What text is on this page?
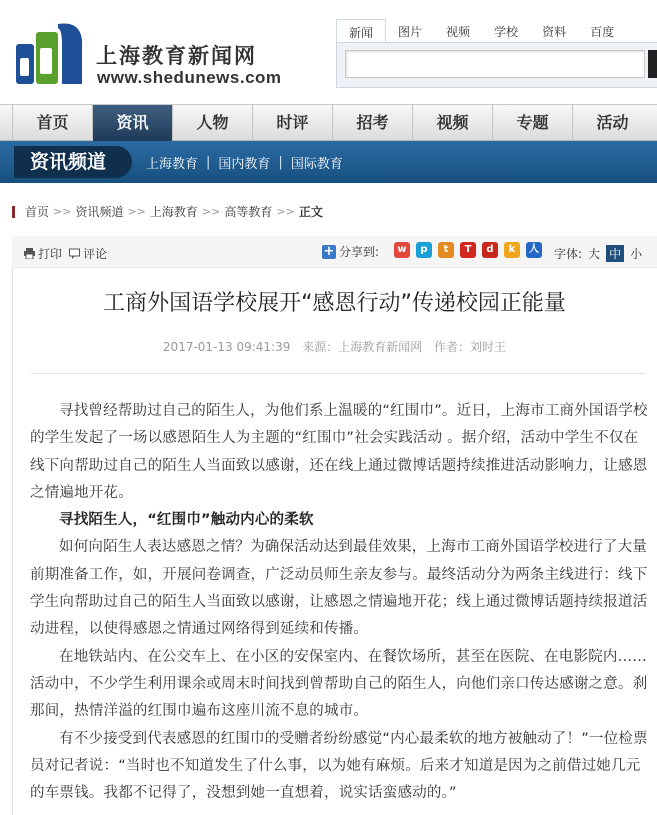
上海教育新闻网
www.shedunews.com
新闻	图片	视频	学校	资料	百度
首页	资讯	人物	时评	招考	视频	专题	活动
资讯频道	上海教育 | 国内教育 | 国际教育
首页 >> 资讯频道 >> 上海教育 >> 高等教育 >> 正文
打印 评论	+ 分享到:	w	p	t	T	d	k	人 字体: 大 中 小
工商外国语学校展开“感恩行动”传递校园正能量
2017-01-13 09:41:39 来源：上海教育新闻网 作者：刘时王

寻找曾经帮助过自己的陌生人，为他们系上温暖的“红围巾”。近日，上海市工商外国语学校的学生发起了一场以感恩陌生人为主题的“红围巾”社会实践活动 。据介绍，活动中学生不仅在线下向帮助过自己的陌生人当面致以感谢，还在线上通过微博话题持续推进活动影响力，让感恩之情遍地开花。

寻找陌生人，“红围巾”触动内心的柔软

如何向陌生人表达感恩之情？为确保活动达到最佳效果，上海市工商外国语学校进行了大量前期准备工作，如，开展问卷调查，广泛动员师生亲友参与。最终活动分为两条主线进行：线下学生向帮助过自己的陌生人当面致以感谢，让感恩之情遍地开花；线上通过微博话题持续报道活动进程，以使得感恩之情通过网络得到延续和传播。

在地铁站内、在公交车上、在小区的安保室内、在餐饮场所，甚至在医院、在电影院内……活动中，不少学生利用课余或周末时间找到曾帮助自己的陌生人，向他们亲口传达感谢之意。刹那间，热情洋溢的红围巾遍布这座川流不息的城市。

有不少接受到代表感恩的红围巾的受赠者纷纷感觉“内心最柔软的地方被触动了！”一位检票员对记者说：“当时也不知道发生了什么事，以为她有麻烦。后来才知道是因为之前借过她几元的车票钱。我都不记得了，没想到她一直想着，说实话蛮感动的。”
